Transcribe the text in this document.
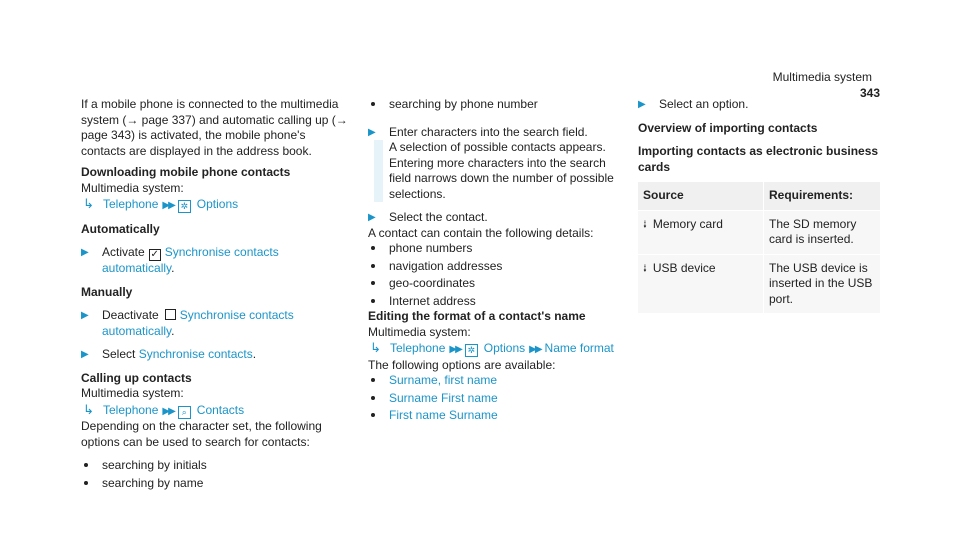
Multimedia system 343

If a mobile phone is connected to the multimedia system (→ page 337) and automatic calling up (→ page 343) is activated, the mobile phone's contacts are displayed in the address book.

Downloading mobile phone contacts

Multimedia system:

↳ Telephone ▶▶ ✲ Options

Automatically

▶ Activate ✓ Synchronise contacts automatically.

Manually

▶ Deactivate Synchronise contacts automatically.
▶ Select Synchronise contacts.

Calling up contacts

Multimedia system:

↳ Telephone ▶▶ ⌕ Contacts

Depending on the character set, the following options can be used to search for contacts:

searching by initials
searching by name
searching by phone number
▶ Enter characters into the search field.

A selection of possible contacts appears. Entering more characters into the search field narrows down the number of possible selections.

▶ Select the contact.

A contact can contain the following details:

phone numbers
navigation addresses
geo-coordinates
Internet address

Editing the format of a contact's name

Multimedia system:

↳ Telephone ▶▶ ✲ Options ▶▶ Name format

The following options are available:

Surname, first name
Surname First name
First name Surname
▶ Select an option.

Overview of importing contacts

Importing contacts as electronic business cards

Source	Requirements:
⭭ Memory card	The SD memory card is inserted.
⭭ USB device	The USB device is inserted in the USB port.
